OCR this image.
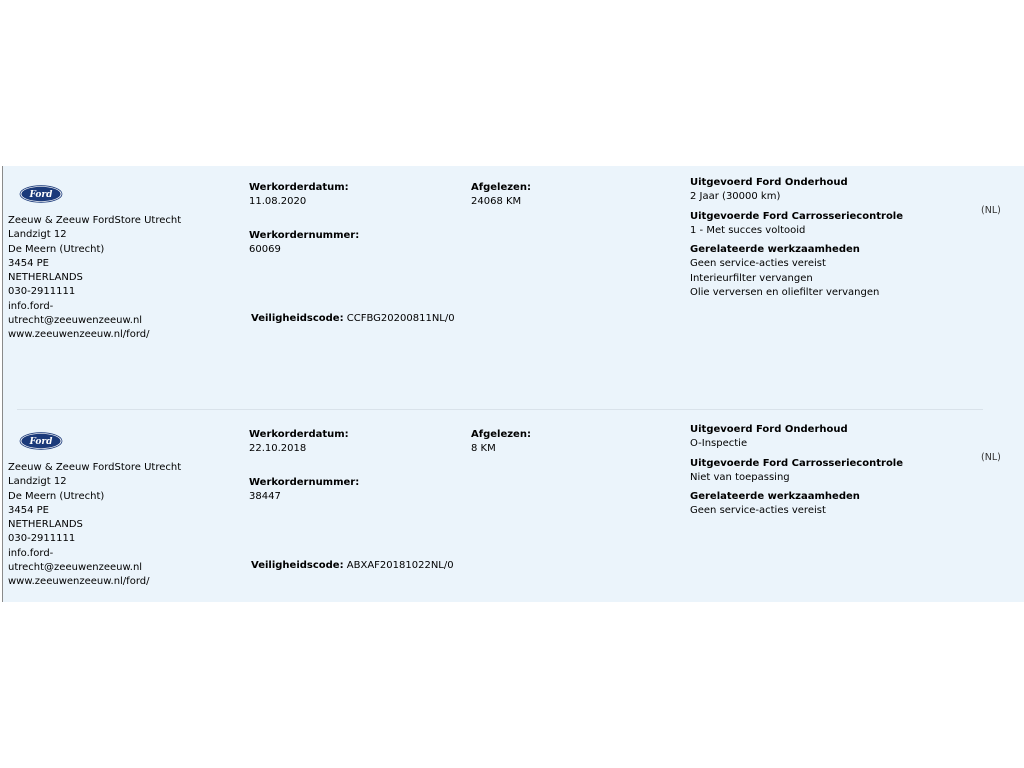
Ford
Zeeuw & Zeeuw FordStore Utrecht
Landzigt 12
De Meern (Utrecht)
3454 PE
NETHERLANDS
030-2911111
info.ford-
utrecht@zeeuwenzeeuw.nl
www.zeeuwenzeeuw.nl/ford/
Werkorderdatum:
11.08.2020
Werkordernummer:
60069
Veiligheidscode: CCFBG20200811NL/0
Afgelezen:
24068 KM
Uitgevoerd Ford Onderhoud
2 Jaar (30000 km)
Uitgevoerde Ford Carrosseriecontrole
1 - Met succes voltooid
Gerelateerde werkzaamheden
Geen service-acties vereist
Interieurfilter vervangen
Olie verversen en oliefilter vervangen
(NL)
Ford
Zeeuw & Zeeuw FordStore Utrecht
Landzigt 12
De Meern (Utrecht)
3454 PE
NETHERLANDS
030-2911111
info.ford-
utrecht@zeeuwenzeeuw.nl
www.zeeuwenzeeuw.nl/ford/
Werkorderdatum:
22.10.2018
Werkordernummer:
38447
Veiligheidscode: ABXAF20181022NL/0
Afgelezen:
8 KM
Uitgevoerd Ford Onderhoud
O-Inspectie
Uitgevoerde Ford Carrosseriecontrole
Niet van toepassing
Gerelateerde werkzaamheden
Geen service-acties vereist
(NL)
